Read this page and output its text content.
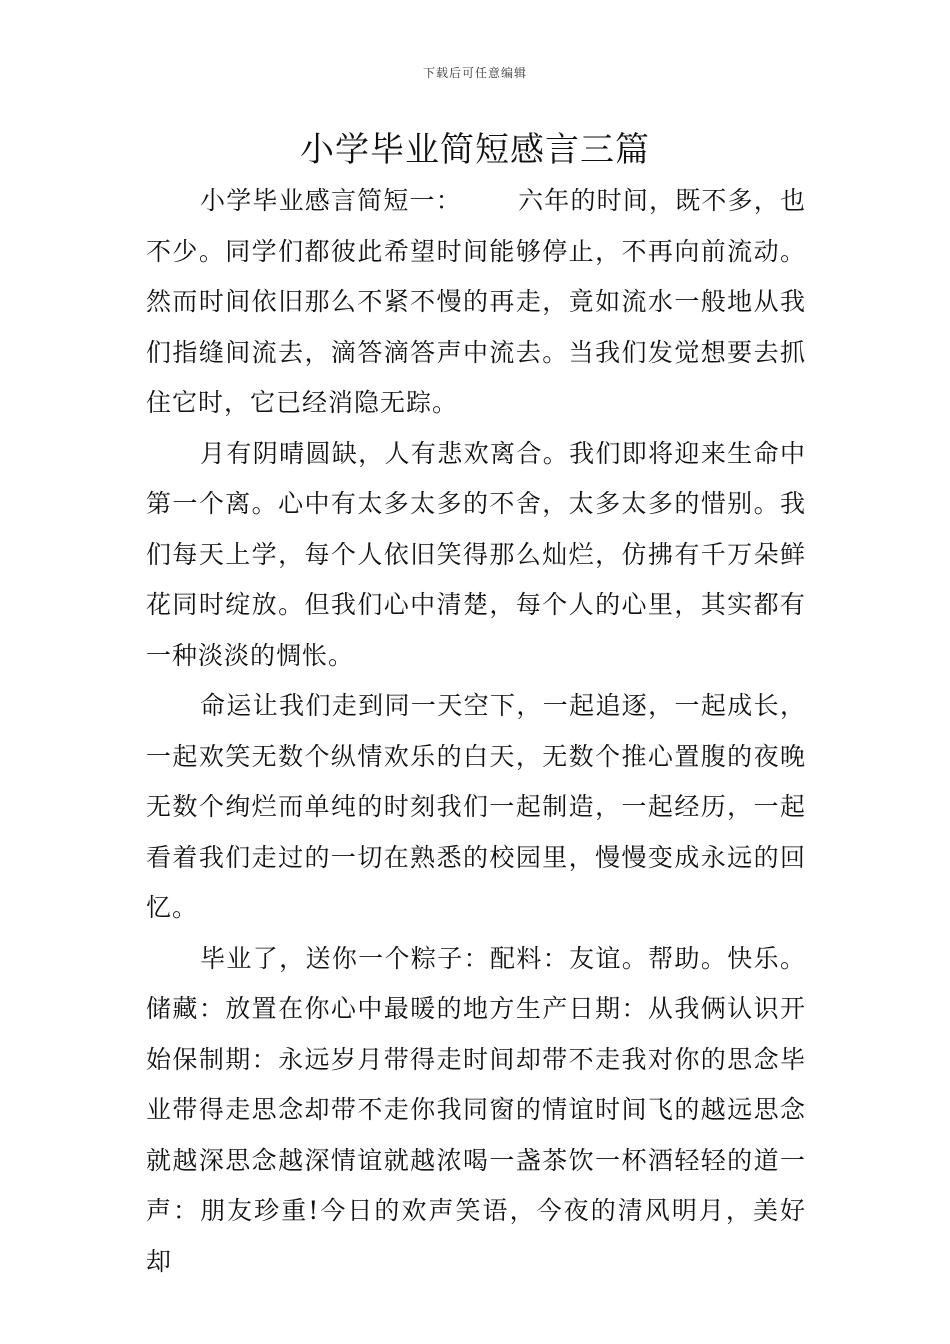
下载后可任意编辑
小学毕业简短感言三篇

小学毕业感言简短一： 六年的时间，既不多，也不少。同学们都彼此希望时间能够停止，不再向前流动。然而时间依旧那么不紧不慢的再走，竟如流水一般地从我们指缝间流去，滴答滴答声中流去。当我们发觉想要去抓住它时，它已经消隐无踪。

月有阴晴圆缺，人有悲欢离合。我们即将迎来生命中第一个离。心中有太多太多的不舍，太多太多的惜别。我们每天上学，每个人依旧笑得那么灿烂，仿拂有千万朵鲜花同时绽放。但我们心中清楚，每个人的心里，其实都有一种淡淡的惆怅。

命运让我们走到同一天空下，一起追逐，一起成长，一起欢笑无数个纵情欢乐的白天，无数个推心置腹的夜晚无数个绚烂而单纯的时刻我们一起制造，一起经历，一起看着我们走过的一切在熟悉的校园里，慢慢变成永远的回忆。

毕业了，送你一个粽子：配料：友谊。帮助。快乐。储藏：放置在你心中最暖的地方生产日期：从我俩认识开始保制期：永远岁月带得走时间却带不走我对你的思念毕业带得走思念却带不走你我同窗的情谊时间飞的越远思念就越深思念越深情谊就越浓喝一盏茶饮一杯酒轻轻的道一声：朋友珍重!今日的欢声笑语，今夜的清风明月，美好却
